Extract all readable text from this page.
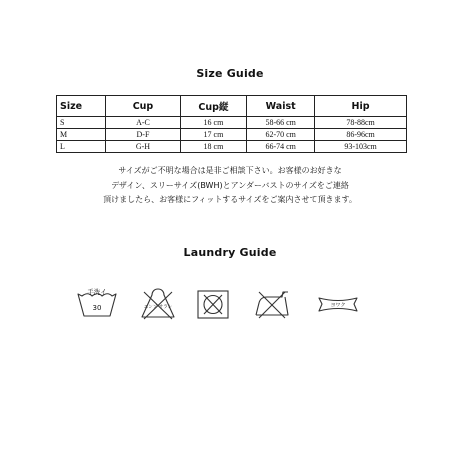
Size Guide
Size	Cup	Cup縦	Waist	Hip
S	A-C	16 cm	58-66 cm	78-88cm
M	D-F	17 cm	62-70 cm	86-96cm
L	G-H	18 cm	66-74 cm	93-103cm

サイズがご不明な場合は是非ご相談下さい。お客様のお好きな

デザイン、スリーサイズ(BWH)とアンダーバストのサイズをご連絡

頂けましたら、お客様にフィットするサイズをご案内させて頂きます。

Laundry Guide
手洗イ
30	エンソ サラシ	ヨワク
